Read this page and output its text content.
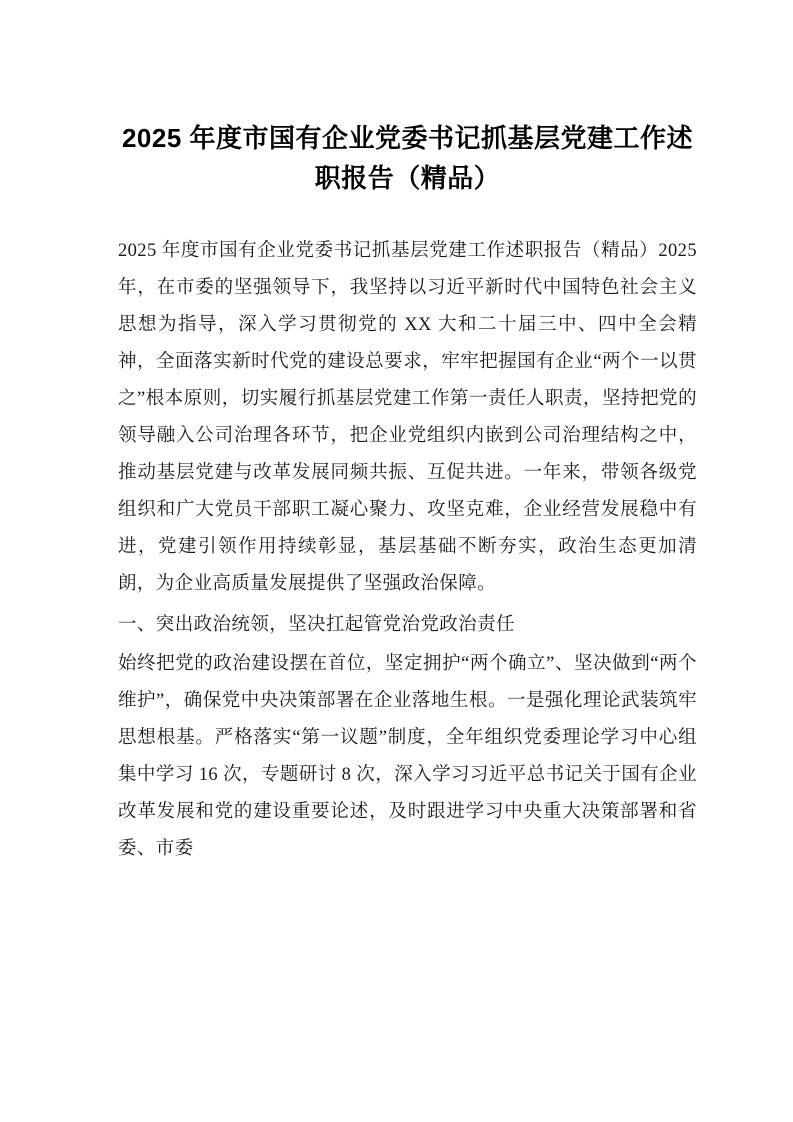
2025 年度市国有企业党委书记抓基层党建工作述职报告（精品）

2025 年度市国有企业党委书记抓基层党建工作述职报告（精品）2025 年，在市委的坚强领导下，我坚持以习近平新时代中国特色社会主义思想为指导，深入学习贯彻党的 XX 大和二十届三中、四中全会精神，全面落实新时代党的建设总要求，牢牢把握国有企业“两个一以贯之”根本原则，切实履行抓基层党建工作第一责任人职责，坚持把党的领导融入公司治理各环节，把企业党组织内嵌到公司治理结构之中，推动基层党建与改革发展同频共振、互促共进。一年来，带领各级党组织和广大党员干部职工凝心聚力、攻坚克难，企业经营发展稳中有进，党建引领作用持续彰显，基层基础不断夯实，政治生态更加清朗，为企业高质量发展提供了坚强政治保障。

一、突出政治统领，坚决扛起管党治党政治责任

始终把党的政治建设摆在首位，坚定拥护“两个确立”、坚决做到“两个维护”，确保党中央决策部署在企业落地生根。一是强化理论武装筑牢思想根基。严格落实“第一议题”制度，全年组织党委理论学习中心组集中学习 16 次，专题研讨 8 次，深入学习习近平总书记关于国有企业改革发展和党的建设重要论述，及时跟进学习中央重大决策部署和省委、市委
